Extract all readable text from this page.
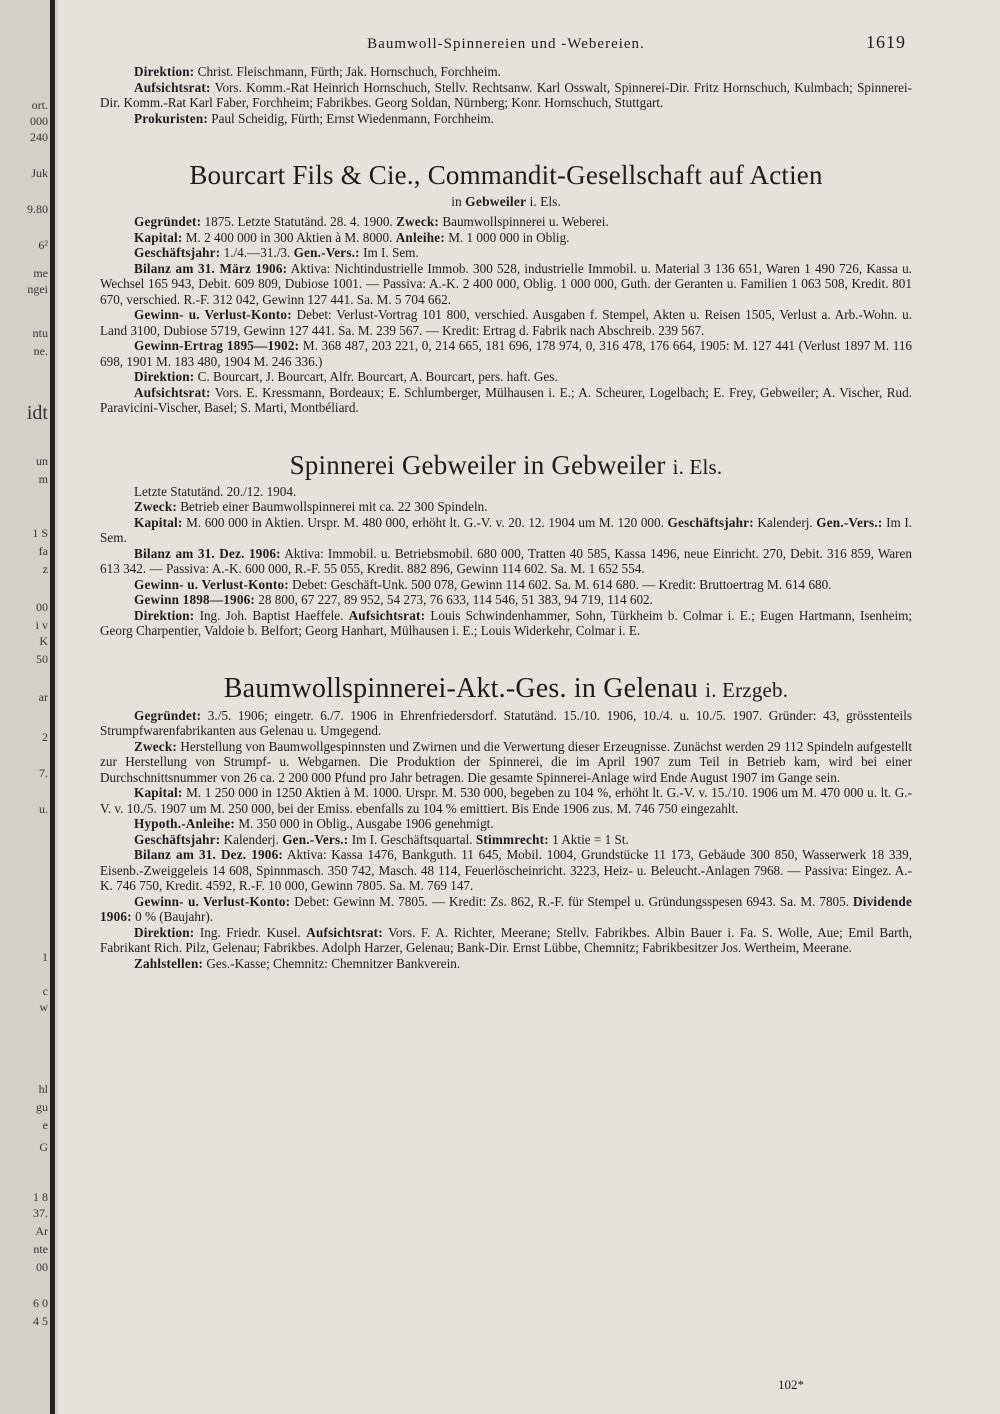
ort.
000
240
Juk
9.80
6²
me
ngei
ntu
ne.
idt
un
m
1 S
fa
z
00
i v
K
50
ar
2
7.
u.
1
c
w
hl
gu
e
G
1 8
37.
Ar
nte
00
6 0
4 5
Baumwoll-Spinnereien und -Webereien.	1619

Direktion: Christ. Fleischmann, Fürth; Jak. Hornschuch, Forchheim.

Aufsichtsrat: Vors. Komm.-Rat Heinrich Hornschuch, Stellv. Rechtsanw. Karl Osswalt, Spinnerei-Dir. Fritz Hornschuch, Kulmbach; Spinnerei-Dir. Komm.-Rat Karl Faber, Forchheim; Fabrikbes. Georg Soldan, Nürnberg; Konr. Hornschuch, Stuttgart.

Prokuristen: Paul Scheidig, Fürth; Ernst Wiedenmann, Forchheim.

Bourcart Fils & Cie., Commandit-Gesellschaft auf Actien
in Gebweiler i. Els.

Gegründet: 1875. Letzte Statutänd. 28. 4. 1900. Zweck: Baumwollspinnerei u. Weberei.

Kapital: M. 2 400 000 in 300 Aktien à M. 8000. Anleihe: M. 1 000 000 in Oblig.

Geschäftsjahr: 1./4.—31./3. Gen.-Vers.: Im I. Sem.

Bilanz am 31. März 1906: Aktiva: Nichtindustrielle Immob. 300 528, industrielle Immobil. u. Material 3 136 651, Waren 1 490 726, Kassa u. Wechsel 165 943, Debit. 609 809, Dubiose 1001. — Passiva: A.-K. 2 400 000, Oblig. 1 000 000, Guth. der Geranten u. Familien 1 063 508, Kredit. 801 670, verschied. R.-F. 312 042, Gewinn 127 441. Sa. M. 5 704 662.

Gewinn- u. Verlust-Konto: Debet: Verlust-Vortrag 101 800, verschied. Ausgaben f. Stempel, Akten u. Reisen 1505, Verlust a. Arb.-Wohn. u. Land 3100, Dubiose 5719, Gewinn 127 441. Sa. M. 239 567. — Kredit: Ertrag d. Fabrik nach Abschreib. 239 567.

Gewinn-Ertrag 1895—1902: M. 368 487, 203 221, 0, 214 665, 181 696, 178 974, 0, 316 478, 176 664, 1905: M. 127 441 (Verlust 1897 M. 116 698, 1901 M. 183 480, 1904 M. 246 336.)

Direktion: C. Bourcart, J. Bourcart, Alfr. Bourcart, A. Bourcart, pers. haft. Ges.

Aufsichtsrat: Vors. E. Kressmann, Bordeaux; E. Schlumberger, Mülhausen i. E.; A. Scheurer, Logelbach; E. Frey, Gebweiler; A. Vischer, Rud. Paravicini-Vischer, Basel; S. Marti, Montbéliard.

Spinnerei Gebweiler in Gebweiler i. Els.

Letzte Statutänd. 20./12. 1904.

Zweck: Betrieb einer Baumwollspinnerei mit ca. 22 300 Spindeln.

Kapital: M. 600 000 in Aktien. Urspr. M. 480 000, erhöht lt. G.-V. v. 20. 12. 1904 um M. 120 000. Geschäftsjahr: Kalenderj. Gen.-Vers.: Im I. Sem.

Bilanz am 31. Dez. 1906: Aktiva: Immobil. u. Betriebsmobil. 680 000, Tratten 40 585, Kassa 1496, neue Einricht. 270, Debit. 316 859, Waren 613 342. — Passiva: A.-K. 600 000, R.-F. 55 055, Kredit. 882 896, Gewinn 114 602. Sa. M. 1 652 554.

Gewinn- u. Verlust-Konto: Debet: Geschäft-Unk. 500 078, Gewinn 114 602. Sa. M. 614 680. — Kredit: Bruttoertrag M. 614 680.

Gewinn 1898—1906: 28 800, 67 227, 89 952, 54 273, 76 633, 114 546, 51 383, 94 719, 114 602.

Direktion: Ing. Joh. Baptist Haeffele. Aufsichtsrat: Louis Schwindenhammer, Sohn, Türkheim b. Colmar i. E.; Eugen Hartmann, Isenheim; Georg Charpentier, Valdoie b. Belfort; Georg Hanhart, Mülhausen i. E.; Louis Widerkehr, Colmar i. E.

Baumwollspinnerei-Akt.-Ges. in Gelenau i. Erzgeb.

Gegründet: 3./5. 1906; eingetr. 6./7. 1906 in Ehrenfriedersdorf. Statutänd. 15./10. 1906, 10./4. u. 10./5. 1907. Gründer: 43, grösstenteils Strumpfwarenfabrikanten aus Gelenau u. Umgegend.

Zweck: Herstellung von Baumwollgespinnsten und Zwirnen und die Verwertung dieser Erzeugnisse. Zunächst werden 29 112 Spindeln aufgestellt zur Herstellung von Strumpf- u. Webgarnen. Die Produktion der Spinnerei, die im April 1907 zum Teil in Betrieb kam, wird bei einer Durchschnittsnummer von 26 ca. 2 200 000 Pfund pro Jahr betragen. Die gesamte Spinnerei-Anlage wird Ende August 1907 im Gange sein.

Kapital: M. 1 250 000 in 1250 Aktien à M. 1000. Urspr. M. 530 000, begeben zu 104 %, erhöht lt. G.-V. v. 15./10. 1906 um M. 470 000 u. lt. G.-V. v. 10./5. 1907 um M. 250 000, bei der Emiss. ebenfalls zu 104 % emittiert. Bis Ende 1906 zus. M. 746 750 eingezahlt.

Hypoth.-Anleihe: M. 350 000 in Oblig., Ausgabe 1906 genehmigt.

Geschäftsjahr: Kalenderj. Gen.-Vers.: Im I. Geschäftsquartal. Stimmrecht: 1 Aktie = 1 St.

Bilanz am 31. Dez. 1906: Aktiva: Kassa 1476, Bankguth. 11 645, Mobil. 1004, Grundstücke 11 173, Gebäude 300 850, Wasserwerk 18 339, Eisenb.-Zweiggeleis 14 608, Spinnmasch. 350 742, Masch. 48 114, Feuerlöscheinricht. 3223, Heiz- u. Beleucht.-Anlagen 7968. — Passiva: Eingez. A.-K. 746 750, Kredit. 4592, R.-F. 10 000, Gewinn 7805. Sa. M. 769 147.

Gewinn- u. Verlust-Konto: Debet: Gewinn M. 7805. — Kredit: Zs. 862, R.-F. für Stempel u. Gründungsspesen 6943. Sa. M. 7805. Dividende 1906: 0 % (Baujahr).

Direktion: Ing. Friedr. Kusel. Aufsichtsrat: Vors. F. A. Richter, Meerane; Stellv. Fabrikbes. Albin Bauer i. Fa. S. Wolle, Aue; Emil Barth, Fabrikant Rich. Pilz, Gelenau; Fabrikbes. Adolph Harzer, Gelenau; Bank-Dir. Ernst Lübbe, Chemnitz; Fabrikbesitzer Jos. Wertheim, Meerane.

Zahlstellen: Ges.-Kasse; Chemnitz: Chemnitzer Bankverein.

102*
